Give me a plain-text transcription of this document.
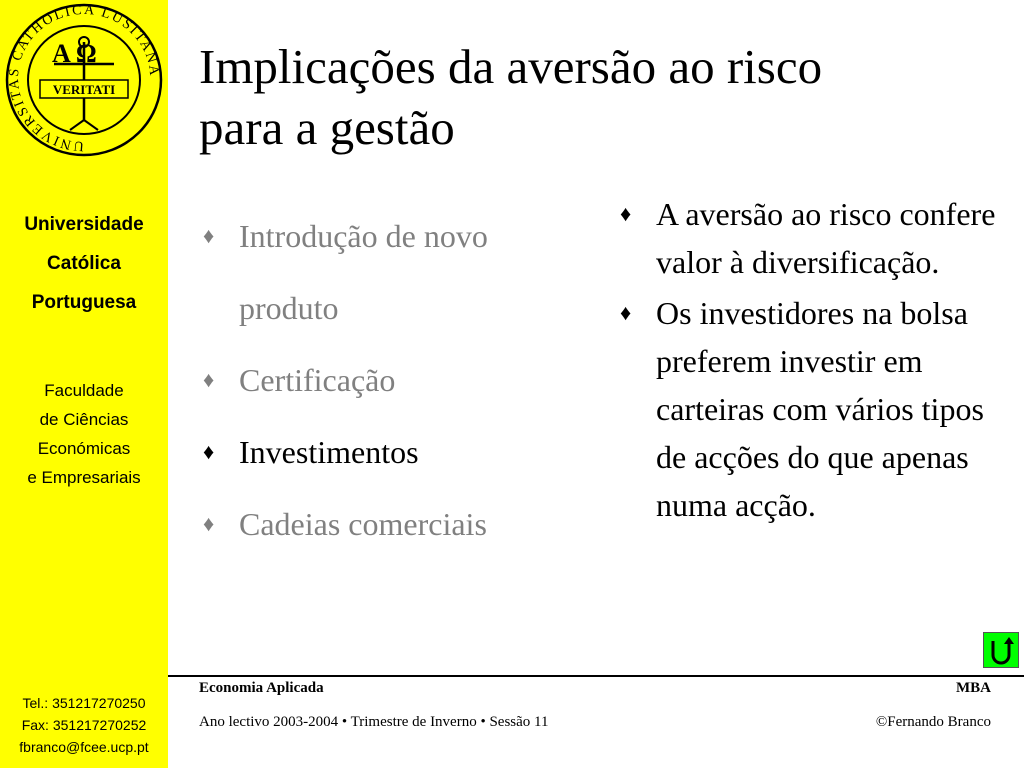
UNIVERSITAS CATHOLICA LUSITANA
A Ω
VERITATI
Universidade
Católica
Portuguesa
Faculdade
de Ciências
Económicas
e Empresariais
Tel.: 351217270250
Fax: 351217270252
fbranco@fcee.ucp.pt
Implicações da aversão ao risco
para a gestão
♦ Introdução de novo
produto
♦ Certificação
♦ Investimentos
♦ Cadeias comerciais
♦ A aversão ao risco confere valor à diversificação.
♦ Os investidores na bolsa preferem investir em carteiras com vários tipos de acções do que apenas numa acção.
Economia Aplicada	MBA
Ano lectivo 2003-2004 • Trimestre de Inverno • Sessão 11	©Fernando Branco
